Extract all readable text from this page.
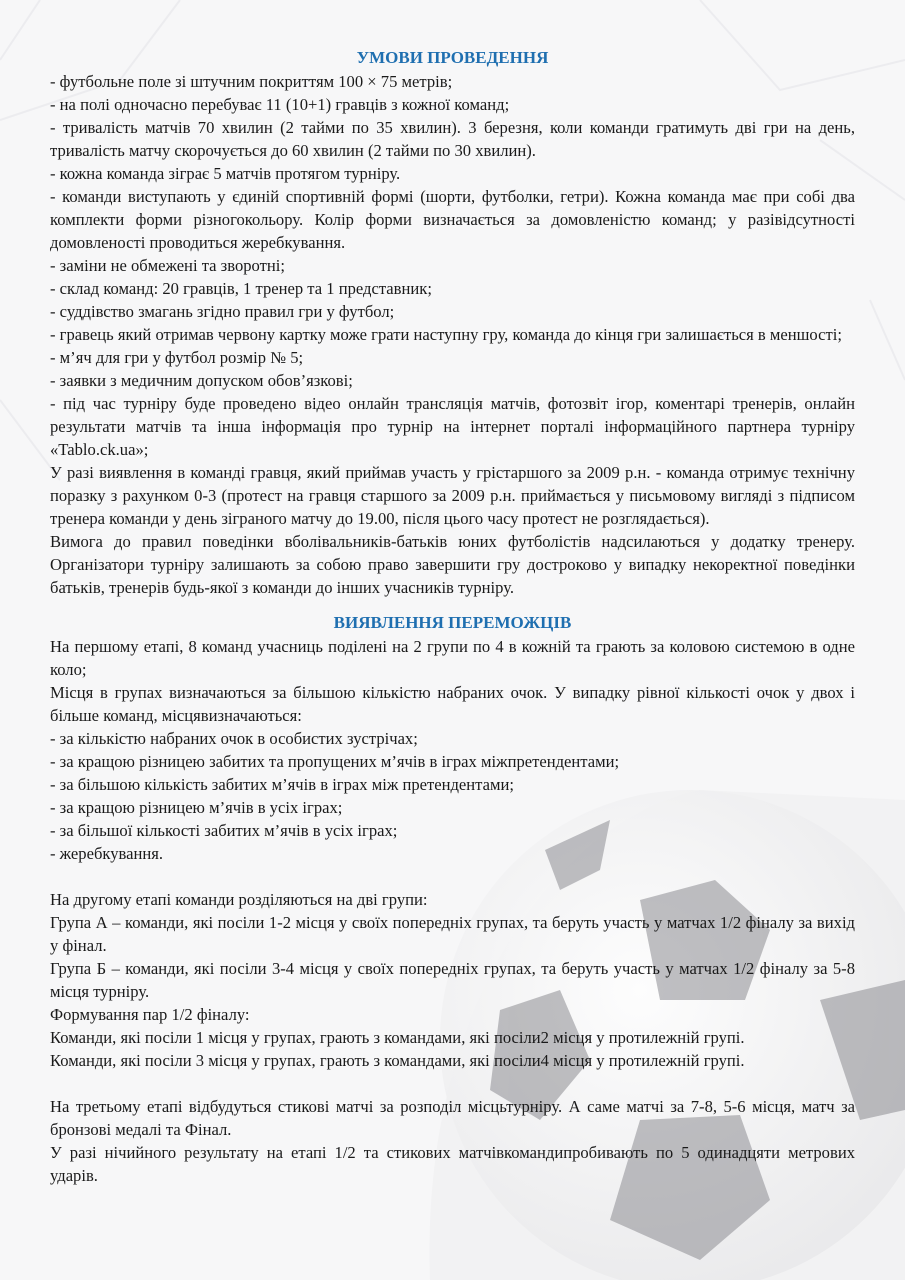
УМОВИ ПРОВЕДЕННЯ

- футбольне поле зі штучним покриттям 100 × 75 метрів;

- на полі одночасно перебуває 11 (10+1) гравців з кожної команд;

- тривалість матчів 70 хвилин (2 тайми по 35 хвилин). 3 березня, коли команди гратимуть дві гри на день, тривалість матчу скорочується до 60 хвилин (2 тайми по 30 хвилин).

- кожна команда зіграє 5 матчів протягом турніру.

- команди виступають у єдиній спортивній формі (шорти, футболки, гетри). Кожна команда має при собі два комплекти форми різногокольору. Колір форми визначається за домовленістю команд; у разівідсутності домовленості проводиться жеребкування.

- заміни не обмежені та зворотні;

- склад команд: 20 гравців, 1 тренер та 1 представник;

- суддівство змагань згідно правил гри у футбол;

- гравець який отримав червону картку може грати наступну гру, команда до кінця гри залишається в меншості;

- м’яч для гри у футбол розмір № 5;

- заявки з медичним допуском обов’язкові;

- під час турніру буде проведено відео онлайн трансляція матчів, фотозвіт ігор, коментарі тренерів, онлайн результати матчів та інша інформація про турнір на інтернет порталі інформаційного партнера турніру «Tablo.ck.ua»;

У разі виявлення в команді гравця, який приймав участь у грістаршого за 2009 р.н. - команда отримує технічну поразку з рахунком 0-3 (протест на гравця старшого за 2009 р.н. приймається у письмовому вигляді з підписом тренера команди у день зіграного матчу до 19.00, після цього часу протест не розглядається).

Вимога до правил поведінки вболівальників-батьків юних футболістів надсилаються у додатку тренеру. Організатори турніру залишають за собою право завершити гру достроково у випадку некоректної поведінки батьків, тренерів будь-якої з команди до інших учасників турніру.

ВИЯВЛЕННЯ ПЕРЕМОЖЦІВ

На першому етапі, 8 команд учасниць поділені на 2 групи по 4 в кожній та грають за коловою системою в одне коло;

Місця в групах визначаються за більшою кількістю набраних очок. У випадку рівної кількості очок у двох і більше команд, місцявизначаються:

- за кількістю набраних очок в особистих зустрічах;

- за кращою різницею забитих та пропущених м’ячів в іграх міжпретендентами;

- за більшою кількість забитих м’ячів в іграх між претендентами;

- за кращою різницею м’ячів в усіх іграх;

- за більшої кількості забитих м’ячів в усіх іграх;

- жеребкування.

На другому етапі команди розділяються на дві групи:

Група А – команди, які посіли 1-2 місця у своїх попередніх групах, та беруть участь у матчах 1/2 фіналу за вихід у фінал.

Група Б – команди, які посіли 3-4 місця у своїх попередніх групах, та беруть участь у матчах 1/2 фіналу за 5-8 місця турніру.

Формування пар 1/2 фіналу:

Команди, які посіли 1 місця у групах, грають з командами, які посіли2 місця у протилежній групі.

Команди, які посіли 3 місця у групах, грають з командами, які посіли4 місця у протилежній групі.

На третьому етапі відбудуться стикові матчі за розподіл місцьтурніру. А саме матчі за 7-8, 5-6 місця, матч за бронзові медалі та Фінал.

У разі нічийного результату на етапі 1/2 та стикових матчівкомандипробивають по 5 одинадцяти метрових ударів.
